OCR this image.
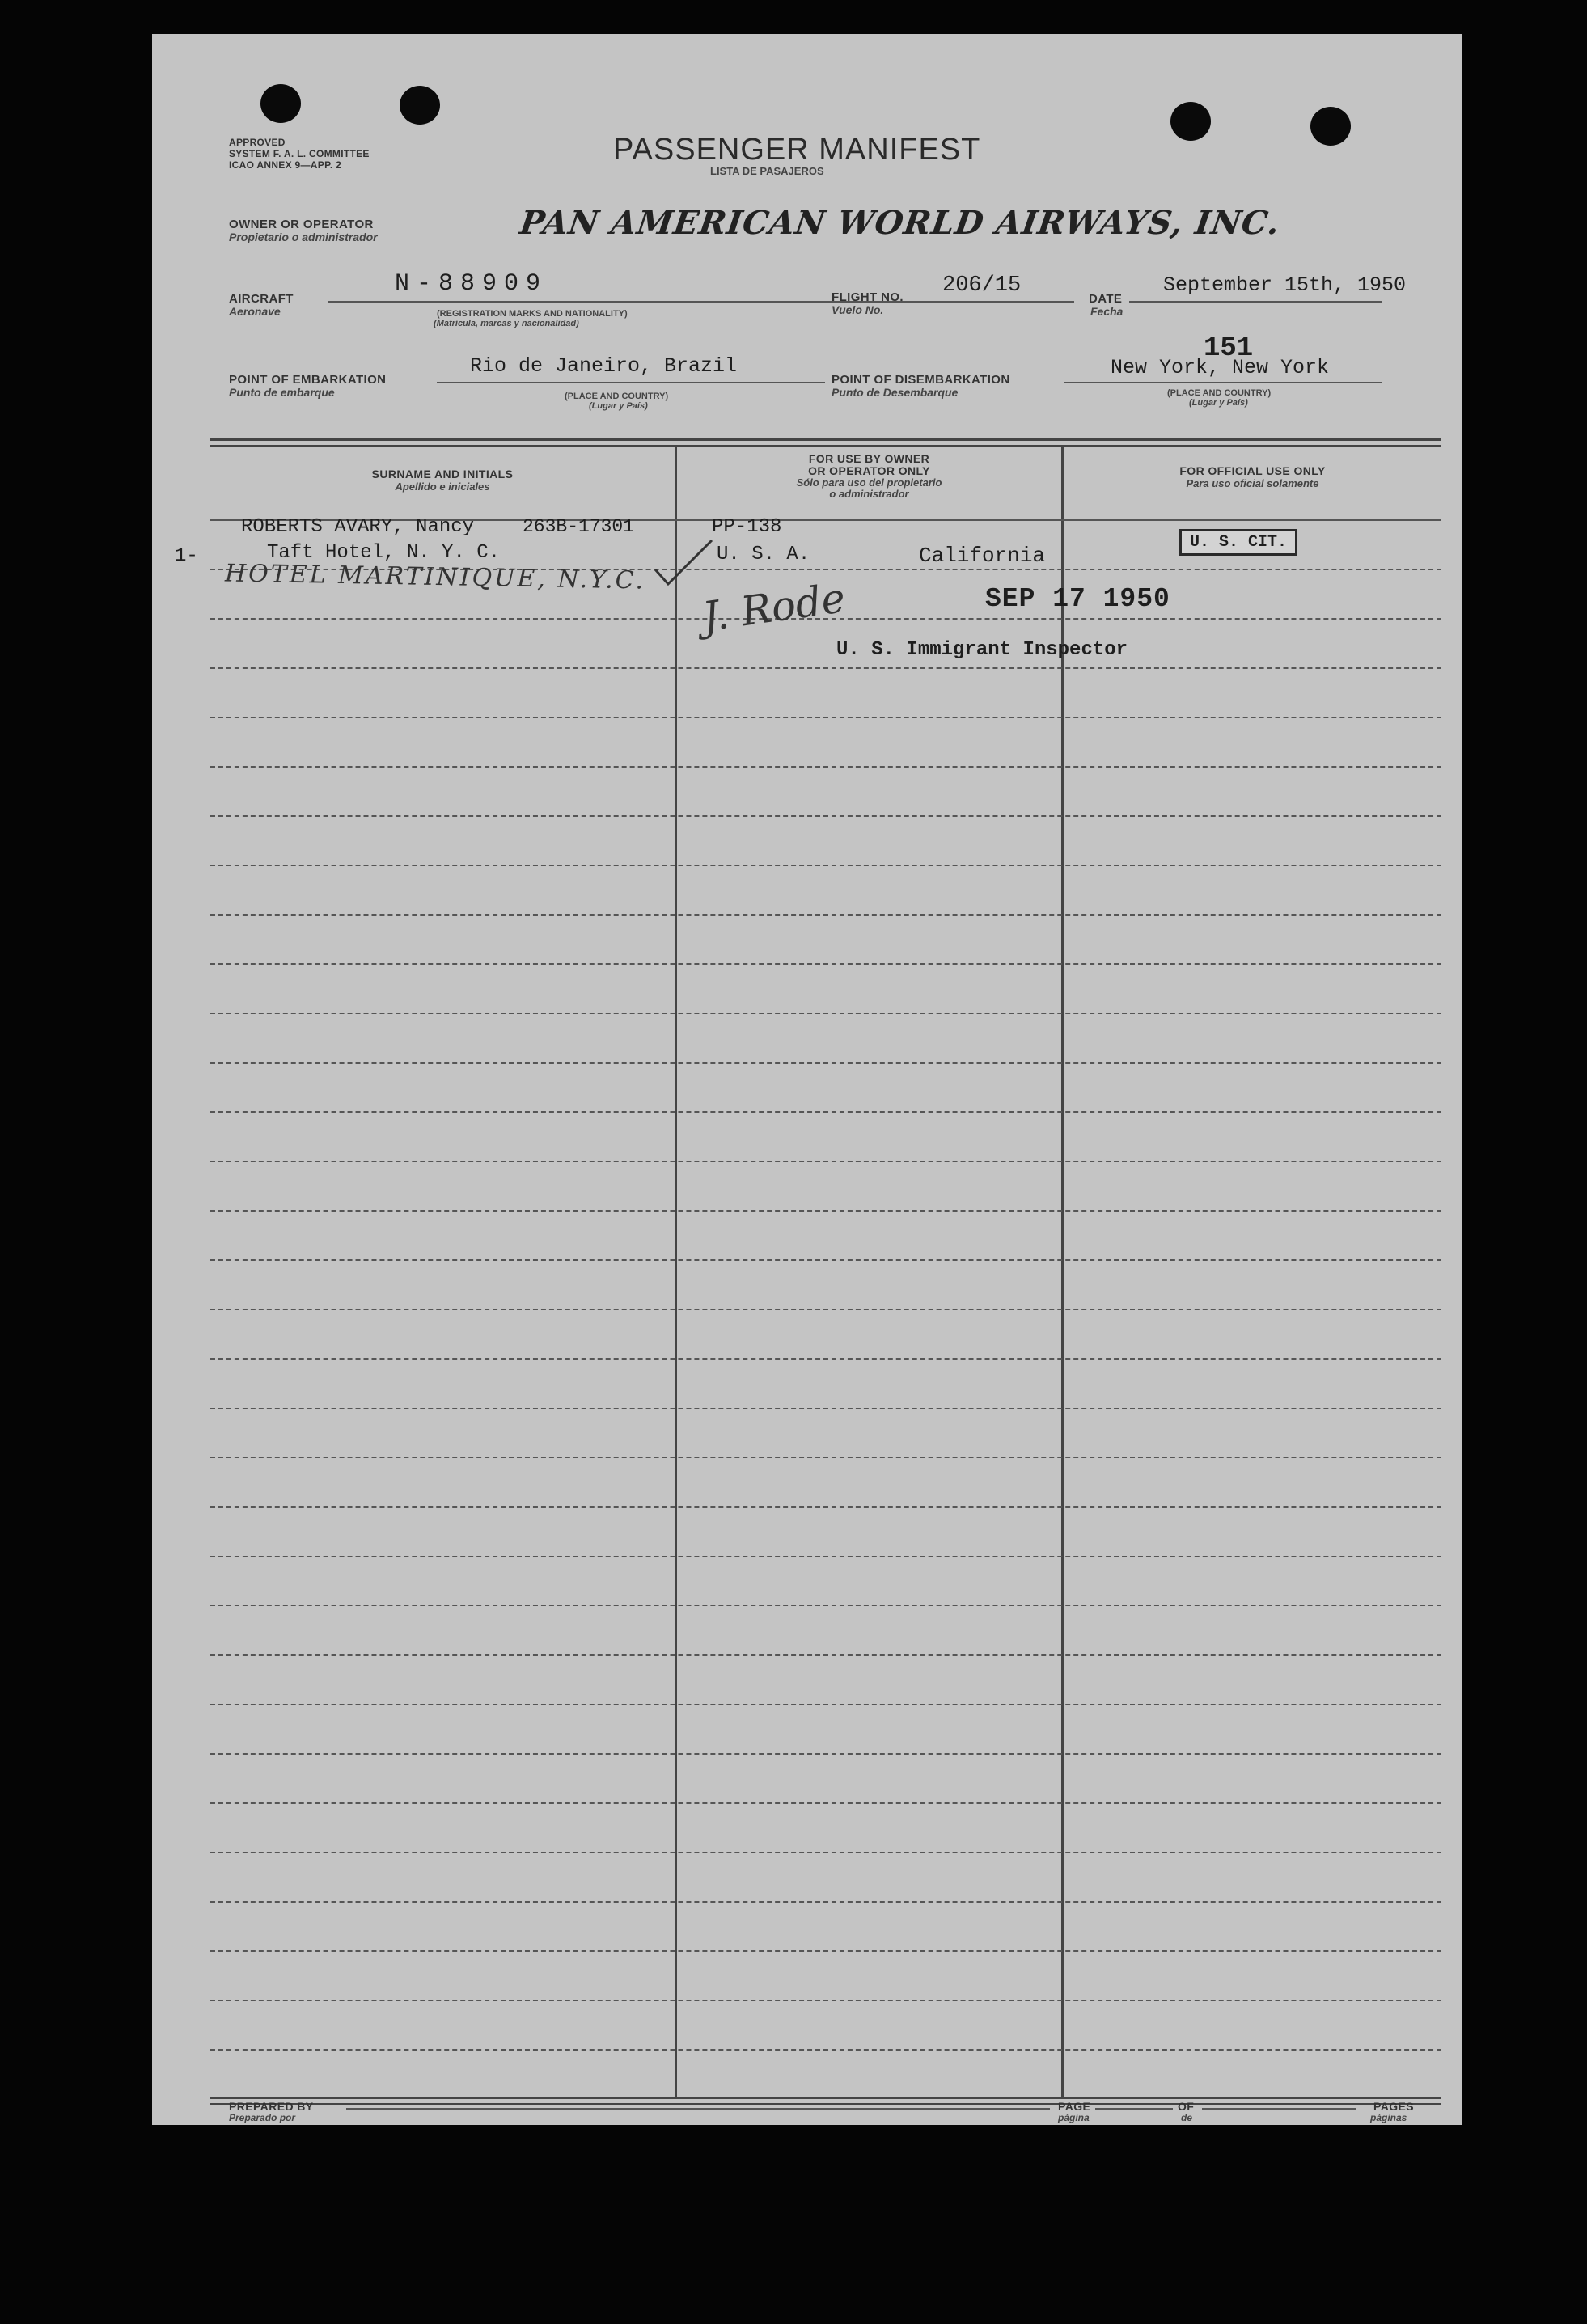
APPROVED
SYSTEM F. A. L. COMMITTEE
ICAO ANNEX 9—APP. 2	PASSENGER MANIFEST
LISTA DE PASAJEROS
OWNER OR OPERATOR
Propietario o administrador	PAN AMERICAN WORLD AIRWAYS, INC.
AIRCRAFT
Aeronave
N-88909
(REGISTRATION MARKS AND NATIONALITY)
(Matrícula, marcas y nacionalidad)
FLIGHT NO.
Vuelo No.
206/15
DATE
Fecha
September 15th, 1950
POINT OF EMBARKATION
Punto de embarque
Rio de Janeiro, Brazil
(PLACE AND COUNTRY)
(Lugar y País)
POINT OF DISEMBARKATION
Punto de Desembarque
151
New York, New York
(PLACE AND COUNTRY)
(Lugar y País)
SURNAME AND INITIALS
Apellido e iniciales
FOR USE BY OWNER
OR OPERATOR ONLY
Sólo para uso del propietario
o administrador
FOR OFFICIAL USE ONLY
Para uso oficial solamente
1-
ROBERTS AVARY, Nancy	263B-17301
Taft Hotel, N. Y. C.
HOTEL MARTINIQUE, N.Y.C.
PP-138
U. S. A.	California
U. S. CIT.
J. Rode	SEP 17 1950
U. S. Immigrant Inspector
PREPARED BY
Preparado por
PAGE
página
OF
de
PAGES
páginas
